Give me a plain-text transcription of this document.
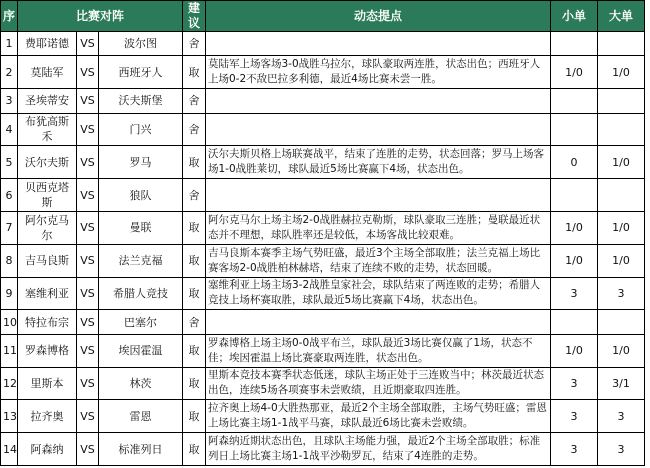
序	比赛对阵			建议	动态提点	小单	大单
1	费耶诺德	VS	波尔图	舍			
2	莫陆军	VS	西班牙人	取	莫陆军上场客场3-0战胜乌拉尔，球队豪取两连胜，状态出色；西班牙人上场0-2不敌巴拉多利德，最近4场比赛未尝一胜。	1/0	1/0
3	圣埃蒂安	VS	沃夫斯堡	舍			
4	布犹高斯禾	VS	门兴	舍			
5	沃尔夫斯	VS	罗马	取	沃尔夫斯贝格上场联赛战平，结束了连胜的走势，状态回落；罗马上场客场1-0战胜莱切，球队最近5场比赛赢下4场，状态出色。	0	1/0
6	贝西克塔斯	VS	狼队	舍			
7	阿尔克马尔	VS	曼联	取	阿尔克马尔上场主场2-0战胜赫拉克勒斯，球队豪取三连胜；曼联最近状态并不理想，球队胜率还是较低，本场客战比较艰难。	1/0	1/0
8	吉马良斯	VS	法兰克福	取	吉马良斯本赛季主场气势旺盛，最近3个主场全部取胜；法兰克福上场比赛客场2-0战胜柏林赫塔，结束了连续不败的走势，状态回暖。	1/0	1/0
9	塞维利亚	VS	希腊人竞技	取	塞维利亚上场主场3-2战胜皇家社会，球队结束了两连败的走势；希腊人竞技上场杯赛取胜，球队最近5场比赛赢下4场，状态出色。	3	3
10	特拉布宗	VS	巴塞尔	舍			
11	罗森博格	VS	埃因霍温	取	罗森博格上场主场0-0战平布兰，球队最近3场比赛仅赢了1场，状态不佳；埃因霍温上场比赛豪取两连胜，状态出色。	1/0	1/0
12	里斯本	VS	林茨	取	里斯本竞技本赛季状态低迷，球队主场正处于三连败当中；林茨最近状态出色，连续5场各项赛事未尝败绩，且近期豪取四连胜。	3	3/1
13	拉齐奥	VS	雷恩	取	拉齐奥上场4-0大胜热那亚，最近2个主场全部取胜，主场气势旺盛；雷恩上场比赛主场1-1战平马赛，球队最近6场比赛未尝败绩。	3	3
14	阿森纳	VS	标准列日	取	阿森纳近期状态出色，且球队主场能力强，最近2个主场全部取胜；标准列日上场比赛主场1-1战平沙勒罗瓦，结束了4连胜的走势。	3	3
